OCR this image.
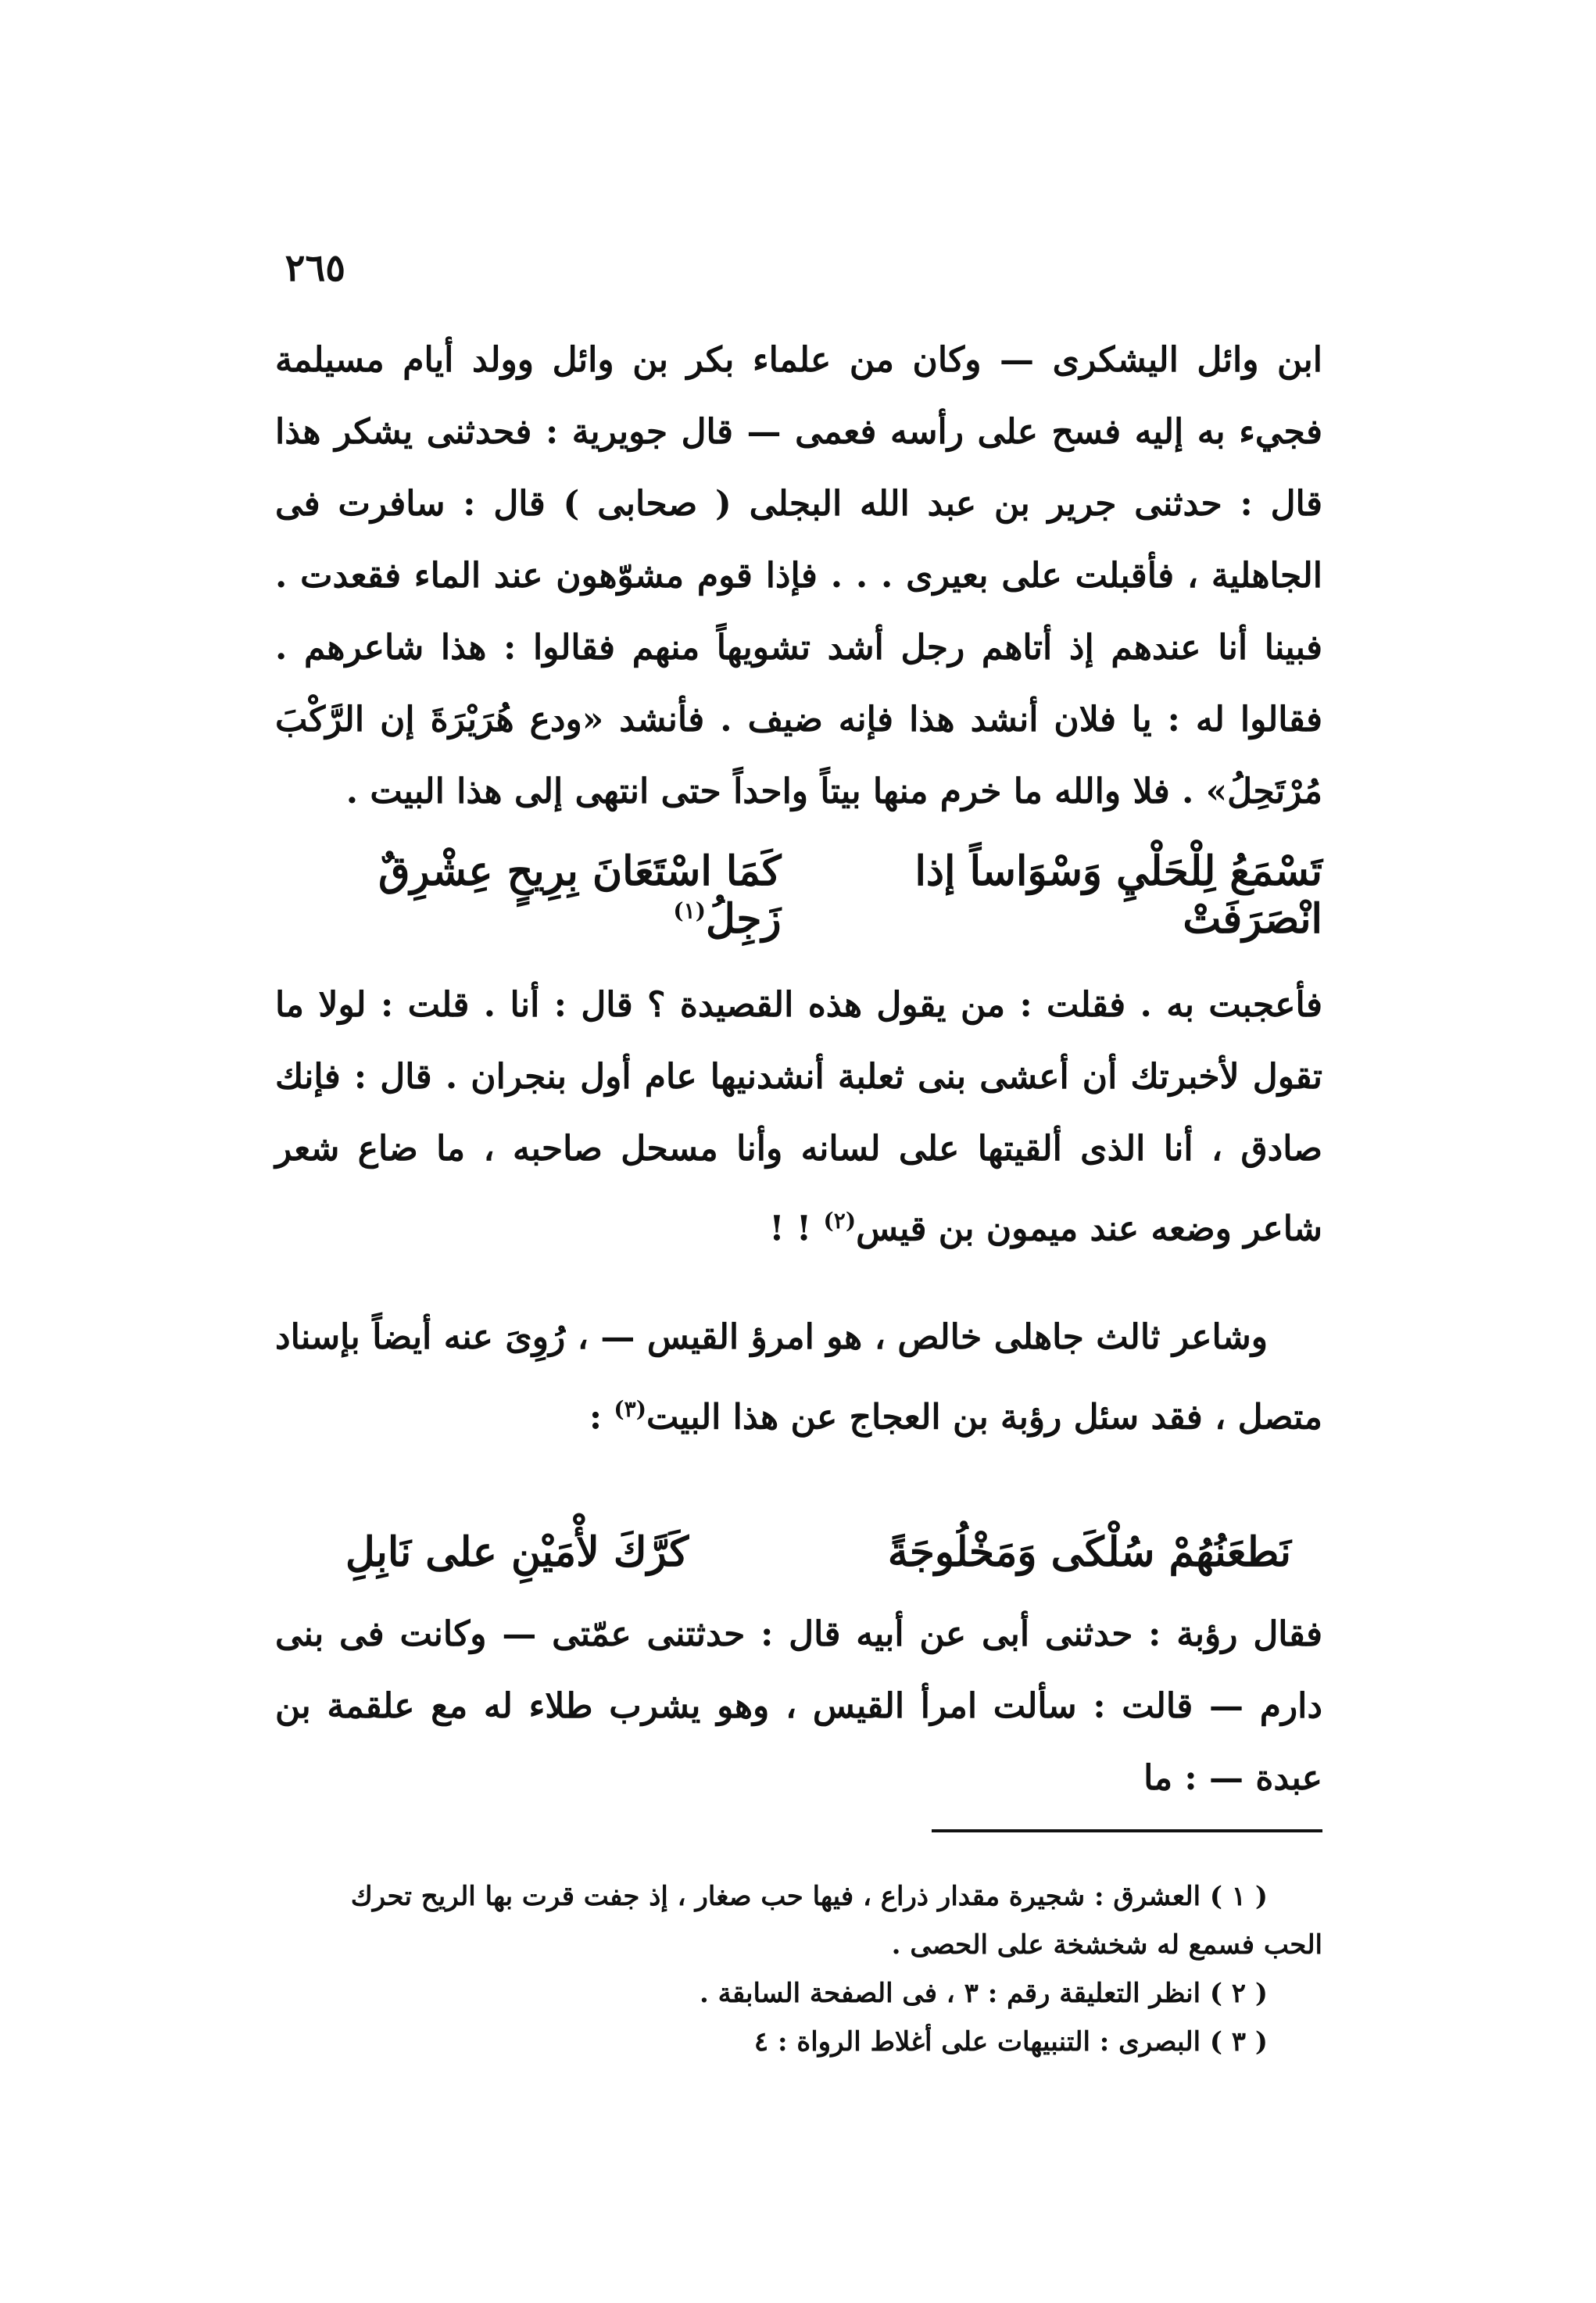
٢٦٥
ابن وائل اليشكرى — وكان من علماء بكر بن وائل وولد أيام مسيلمة فجيء به إليه فسح على رأسه فعمى — قال جويرية : فحدثنى يشكر هذا قال : حدثنى جرير بن عبد الله البجلى ( صحابى ) قال : سافرت فى الجاهلية ، فأقبلت على بعيرى . . . فإذا قوم مشوّهون عند الماء فقعدت . فبينا أنا عندهم إذ أتاهم رجل أشد تشويهاً منهم فقالوا : هذا شاعرهم . فقالوا له : يا فلان أنشد هذا فإنه ضيف . فأنشد «ودع هُرَيْرَةَ إن الرَّكْبَ مُرْتَحِلُ» . فلا والله ما خرم منها بيتاً واحداً حتى انتهى إلى هذا البيت .
تَسْمَعُ لِلْحَلْيِ وَسْوَاساً إذا انْصَرَفَتْ
كَمَا اسْتَعَانَ بِرِيحٍ عِشْرِقٌ زَجِلُ$^{(١)}$
فأعجبت به . فقلت : من يقول هذه القصيدة ؟ قال : أنا . قلت : لولا ما تقول لأخبرتك أن أعشى بنى ثعلبة أنشدنيها عام أول بنجران . قال : فإنك صادق ، أنا الذى ألقيتها على لسانه وأنا مسحل صاحبه ، ما ضاع شعر شاعر وضعه عند ميمون بن قيس$^{(٢)}$ ! !
وشاعر ثالث جاهلى خالص ، هو امرؤ القيس — ، رُوِىَ عنه أيضاً بإسناد متصل ، فقد سئل رؤبة بن العجاج عن هذا البيت$^{(٣)}$ :
نَطعَنُهُمْ سُلْكَى وَمَخْلُوجَةً
كَرَّكَ لأْمَيْنِ على نَابِلِ
فقال رؤبة : حدثنى أبى عن أبيه قال : حدثتنى عمّتى — وكانت فى بنى دارم — قالت : سألت امرأ القيس ، وهو يشرب طلاء له مع علقمة بن عبدة — : ما
( ١ ) العشرق : شجيرة مقدار ذراع ، فيها حب صغار ، إذ جفت قرت بها الريح تحرك
الحب فسمع له شخشخة على الحصى .
( ٢ ) انظر التعليقة رقم : ٣ ، فى الصفحة السابقة .
( ٣ ) البصرى : التنبيهات على أغلاط الرواة : ٤
